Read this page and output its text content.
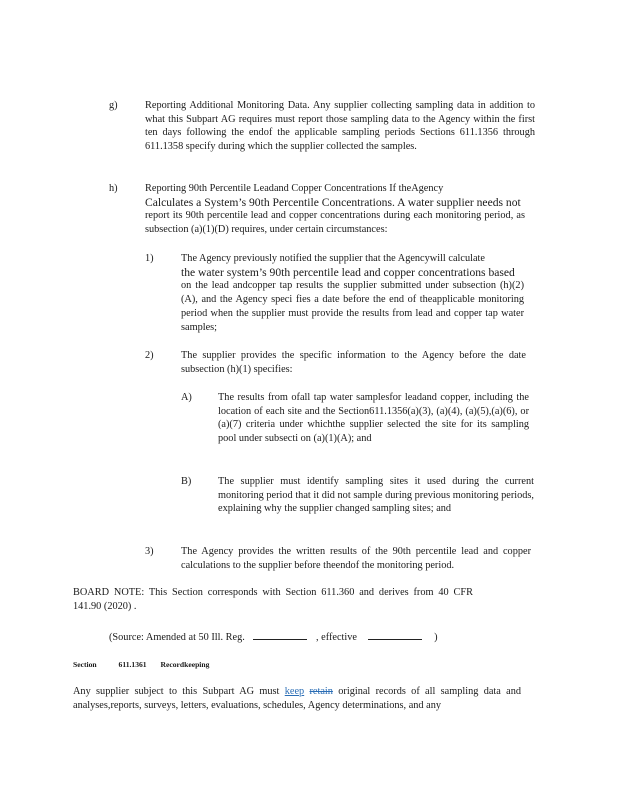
g)	Reporting Additional Monitoring Data. Any supplier collecting sampling data in addition to what this Subpart AG requires must report those sampling data to the Agency within the first ten days following the endof the applicable sampling periods Sections 611.1356 through 611.1358 specify during which the supplier collected the samples.
h)	Reporting 90th Percentile Leadand Copper Concentrations If theAgency
Calculates a System’s 90th Percentile Concentrations. A water supplier needs not
report its 90th percentile lead and copper concentrations during each monitoring period, as subsection (a)(1)(D) requires, under certain circumstances:
1)	The Agency previously notified the supplier that the Agencywill calculate
the water system’s 90th percentile lead and copper concentrations based
on the lead andcopper tap results the supplier submitted under subsection (h)(2)(A), and the Agency speci fies a date before the end of theapplicable monitoring period when the supplier must provide the results from lead and copper tap water samples;
2)	The supplier provides the specific information to the Agency before the date subsection (h)(1) specifies:
A)	The results from ofall tap water samplesfor leadand copper, including the location of each site and the Section611.1356(a)(3), (a)(4), (a)(5),(a)(6), or (a)(7) criteria under whichthe supplier selected the site for its sampling pool under subsecti on (a)(1)(A); and
B)	The supplier must identify sampling sites it used during the current monitoring period that it did not sample during previous monitoring periods, explaining why the supplier changed sampling sites; and
3)	The Agency provides the written results of the 90th percentile lead and copper calculations to the supplier before theendof the monitoring period.
BOARD NOTE: This Section corresponds with Section 611.360 and derives from 40 CFR 141.90 (2020) .
(Source: Amended at 50 Ill. Reg.	, effective	)
Section 611.1361 Recordkeeping
Any supplier subject to this Subpart AG must keep retain original records of all sampling data and analyses,reports, surveys, letters, evaluations, schedules, Agency determinations, and any
